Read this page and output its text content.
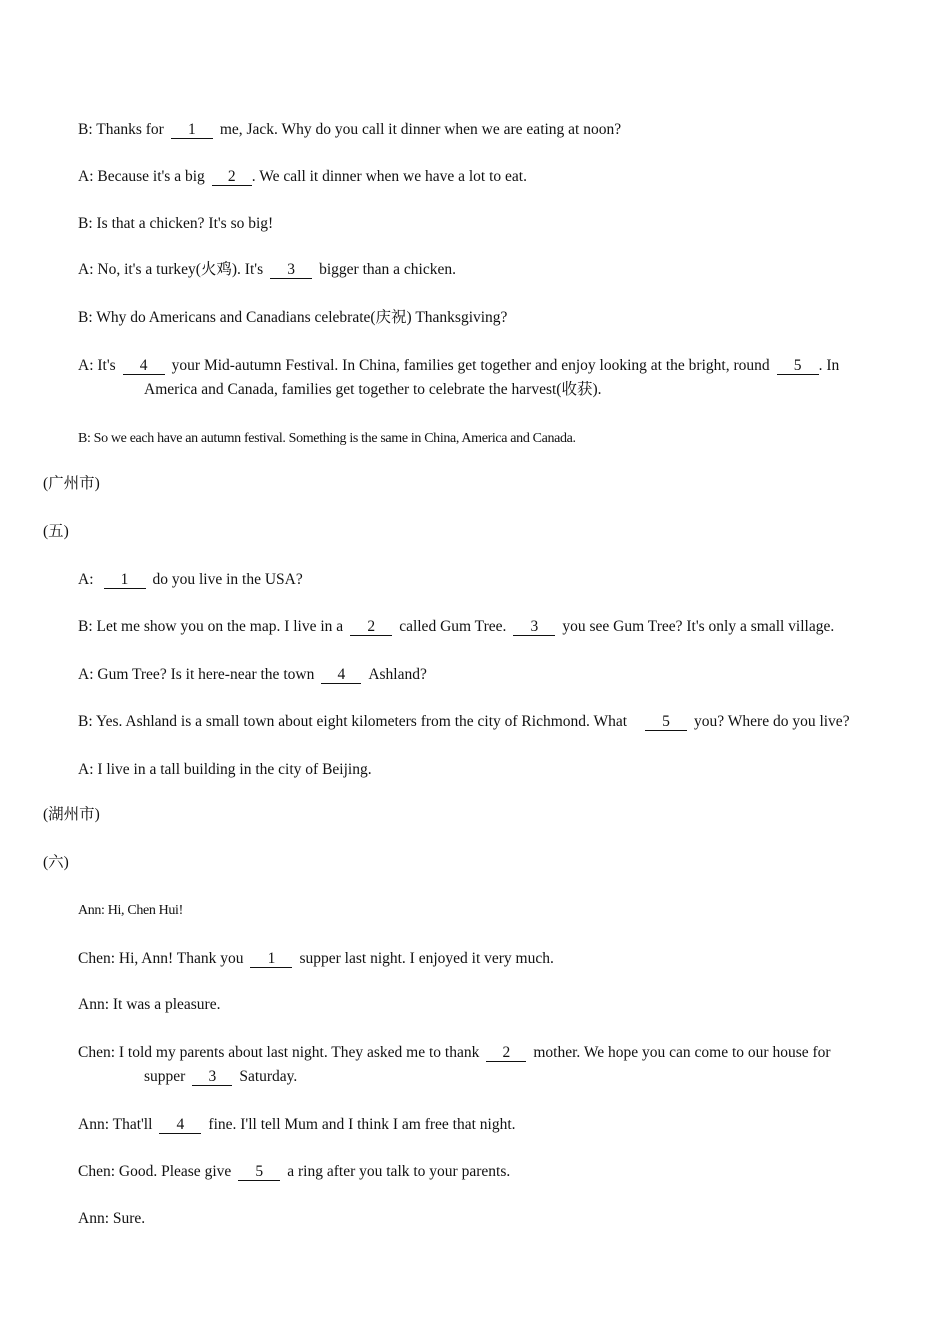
B: Thanks for 1 me, Jack. Why do you call it dinner when we are eating at noon?
A: Because it's a big 2 . We call it dinner when we have a lot to eat.
B: Is that a chicken? It's so big!
A: No, it's a turkey(火鸡). It's 3 bigger than a chicken.
B: Why do Americans and Canadians celebrate(庆祝) Thanksgiving?
A: It's 4 your Mid-autumn Festival. In China, families get together and enjoy looking at the bright, round 5 . In
America and Canada, families get together to celebrate the harvest(收获).
B: So we each have an autumn festival. Something is the same in China, America and Canada.
(广州市)
(五)
A: 1 do you live in the USA?
B: Let me show you on the map. I live in a 2 called Gum Tree. 3 you see Gum Tree? It's only a small village.
A: Gum Tree? Is it here-near the town 4 Ashland?
B: Yes. Ashland is a small town about eight kilometers from the city of Richmond. What 5 you? Where do you live?
A: I live in a tall building in the city of Beijing.
(湖州市)
(六)
Ann: Hi, Chen Hui!
Chen: Hi, Ann! Thank you 1 supper last night. I enjoyed it very much.
Ann: It was a pleasure.
Chen: I told my parents about last night. They asked me to thank 2 mother. We hope you can come to our house for
supper 3 Saturday.
Ann: That'll 4 fine. I'll tell Mum and I think I am free that night.
Chen: Good. Please give 5 a ring after you talk to your parents.
Ann: Sure.
